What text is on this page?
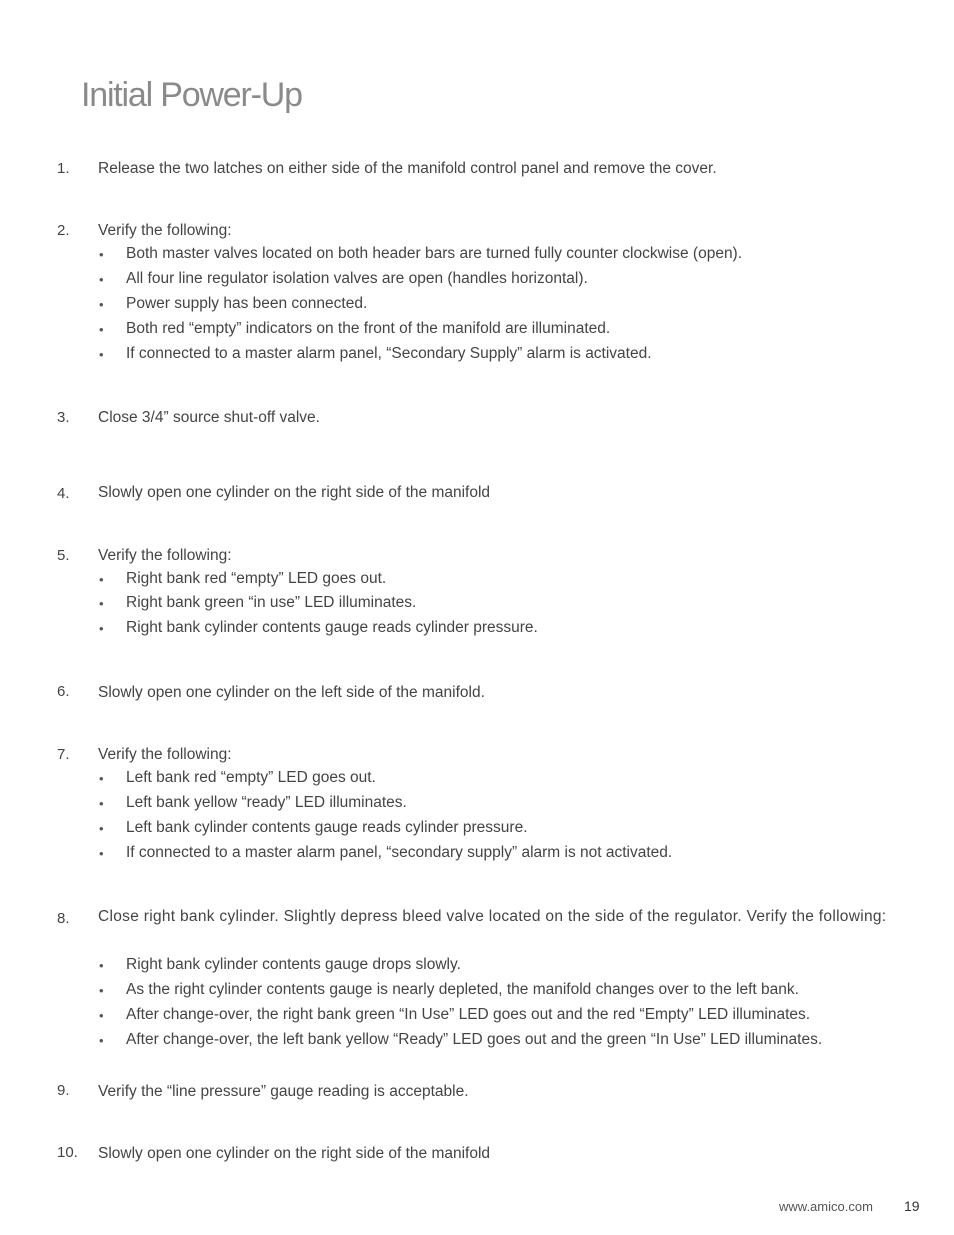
Initial Power-Up
1. Release the two latches on either side of the manifold control panel and remove the cover.
2. Verify the following:
• Both master valves located on both header bars are turned fully counter clockwise (open).
• All four line regulator isolation valves are open (handles horizontal).
• Power supply has been connected.
• Both red “empty” indicators on the front of the manifold are illuminated.
• If connected to a master alarm panel, “Secondary Supply” alarm is activated.
3. Close 3/4” source shut-off valve.
4. Slowly open one cylinder on the right side of the manifold
5. Verify the following:
• Right bank red “empty” LED goes out.
• Right bank green “in use” LED illuminates.
• Right bank cylinder contents gauge reads cylinder pressure.
6. Slowly open one cylinder on the left side of the manifold.
7. Verify the following:
• Left bank red “empty” LED goes out.
• Left bank yellow “ready” LED illuminates.
• Left bank cylinder contents gauge reads cylinder pressure.
• If connected to a master alarm panel, “secondary supply” alarm is not activated.
8. Close right bank cylinder. Slightly depress bleed valve located on the side of the regulator. Verify the following:
• Right bank cylinder contents gauge drops slowly.
• As the right cylinder contents gauge is nearly depleted, the manifold changes over to the left bank.
• After change-over, the right bank green “In Use” LED goes out and the red “Empty” LED illuminates.
• After change-over, the left bank yellow “Ready” LED goes out and the green “In Use” LED illuminates.
9. Verify the “line pressure” gauge reading is acceptable.
10. Slowly open one cylinder on the right side of the manifold
www.amico.com 19
